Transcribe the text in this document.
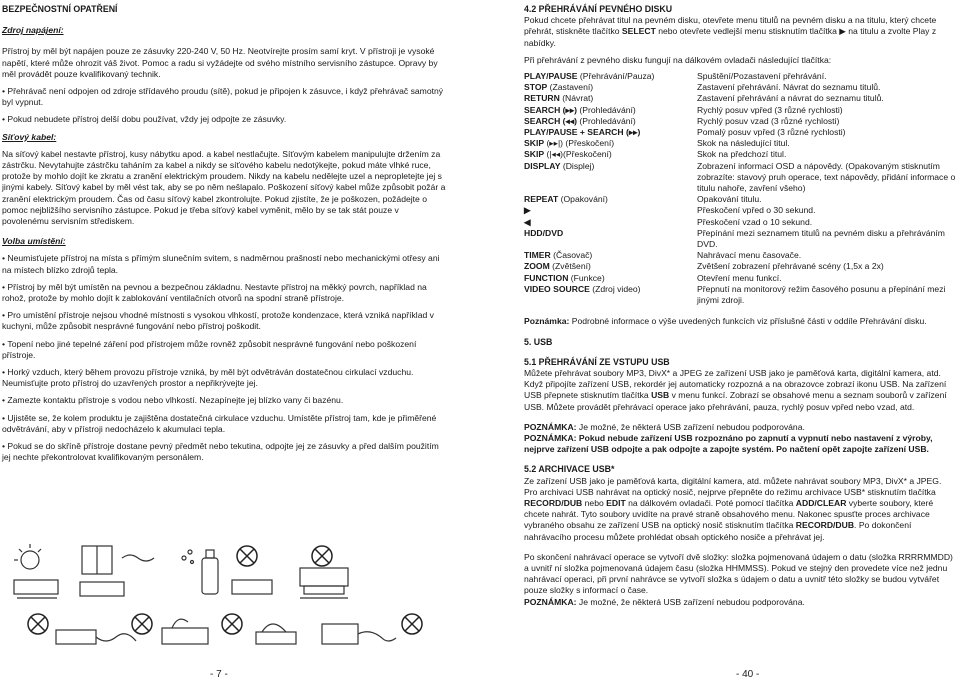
BEZPEČNOSTNÍ OPATŘENÍ

Zdroj napájení:

Přístroj by měl být napájen pouze ze zásuvky 220-240 V, 50 Hz. Neotvírejte prosím samí kryt. V přístroji je vysoké napětí, které může ohrozit váš život. Pomoc a radu si vyžádejte od svého místního servisního zástupce. Opravy by měl provádět pouze kvalifikovaný technik.

• Přehrávač není odpojen od zdroje střídavého proudu (sítě), pokud je připojen k zásuvce, i když přehrávač samotný byl vypnut.

• Pokud nebudete přístroj delší dobu používat, vždy jej odpojte ze zásuvky.

Síťový kabel:

Na síťový kabel nestavte přístroj, kusy nábytku apod. a kabel nestlačujte. Síťovým kabelem manipulujte držením za zástrčku. Nevytahujte zástrčku taháním za kabel a nikdy se síťového kabelu nedotýkejte, pokud máte vlhké ruce, protože by mohlo dojít ke zkratu a zranění elektrickým proudem. Nikdy na kabelu nedělejte uzel a nepropletejte jej s jinými kabely. Síťový kabel by měl vést tak, aby se po něm nešlapalo. Poškození síťový kabel může způsobit požár a zranění elektrickým proudem. Čas od času síťový kabel zkontrolujte. Pokud zjistíte, že je poškozen, požádejte o pomoc nejbližšího servisního zástupce. Pokud je třeba síťový kabel vyměnit, mělo by se tak stát pouze v povolenému servisním střediskem.

Volba umístění:

• Neumisťujete přístroj na místa s přímým slunečním svitem, s nadměrnou prašností nebo mechanickými otřesy ani na místech blízko zdrojů tepla.

• Přístroj by měl být umístěn na pevnou a bezpečnou základnu. Nestavte přístroj na měkký povrch, například na rohož, protože by mohlo dojít k zablokování ventilačních otvorů na spodní straně přístroje.

• Pro umístění přístroje nejsou vhodné místnosti s vysokou vlhkostí, protože kondenzace, která vzniká například v kuchyni, může způsobit nesprávné fungování nebo přístroj poškodit.

• Topení nebo jiné tepelné záření pod přístrojem může rovněž způsobit nesprávné fungování nebo poškození přístroje.

• Horký vzduch, který během provozu přístroje vzniká, by měl být odvětráván dostatečnou cirkulací vzduchu. Neumisťujte proto přístroj do uzavřených prostor a nepřikrývejte jej.

• Zamezte kontaktu přístroje s vodou nebo vlhkostí. Nezapínejte jej blízko vany či bazénu.

• Ujistěte se, že kolem produktu je zajištěna dostatečná cirkulace vzduchu. Umístěte přístroj tam, kde je přiměřené odvětrávání, aby v přístroji nedocházelo k akumulaci tepla.

• Pokud se do skříně přístroje dostane pevný předmět nebo tekutina, odpojte jej ze zásuvky a před dalším použitím jej nechte překontrolovat kvalifikovaným personálem.

- 7 -

4.2 PŘEHRÁVÁNÍ PEVNÉHO DISKU

Pokud chcete přehrávat titul na pevném disku, otevřete menu titulů na pevném disku a na titulu, který chcete přehrát, stiskněte tlačítko SELECT nebo otevřete vedlejší menu stisknutím tlačítka ▶ na titulu a zvolte Play z nabídky.

Při přehrávání z pevného disku fungují na dálkovém ovladači následující tlačítka:

PLAY/PAUSE (Přehrávání/Pauza)	Spuštění/Pozastavení přehrávání.
STOP (Zastavení)	Zastavení přehrávání. Návrat do seznamu titulů.
RETURN (Návrat)	Zastavení přehrávání a návrat do seznamu titulů.
SEARCH (▸▸) (Prohledávání)	Rychlý posuv vpřed (3 různé rychlosti)
SEARCH (◂◂) (Prohledávání)	Rychlý posuv vzad (3 různé rychlosti)
PLAY/PAUSE + SEARCH (▸▸)	Pomalý posuv vpřed (3 různé rychlosti)
SKIP (▸▸|) (Přeskočení)	Skok na následující titul.
SKIP (|◂◂)(Přeskočení)	Skok na předchozí titul.
DISPLAY (Displej)	Zobrazení informací OSD a nápovědy. (Opakovaným stisknutím zobrazíte: stavový pruh operace, text nápovědy, přidání informace o titulu nahoře, zavření všeho)
REPEAT (Opakování)	Opakování titulu.
▶	Přeskočení vpřed o 30 sekund.
◀	Přeskočení vzad o 10 sekund.
HDD/DVD	Přepínání mezi seznamem titulů na pevném disku a přehráváním DVD.
TIMER (Časovač)	Nahrávací menu časovače.
ZOOM (Zvětšení)	Zvětšení zobrazení přehrávané scény (1,5x a 2x)
FUNCTION (Funkce)	Otevření menu funkcí.
VIDEO SOURCE (Zdroj video)	Přepnutí na monitorový režim časového posunu a přepínání mezi jinými zdroji.

Poznámka: Podrobné informace o výše uvedených funkcích viz příslušné části v oddíle Přehrávání disku.

5. USB

5.1 PŘEHRÁVÁNÍ ZE VSTUPU USB

Můžete přehrávat soubory MP3, DivX* a JPEG ze zařízení USB jako je paměťová karta, digitální kamera, atd. Když připojíte zařízení USB, rekordér jej automaticky rozpozná a na obrazovce zobrazí ikonu USB. Na zařízení USB přepnete stisknutím tlačítka USB v menu funkcí. Zobrazí se obsahové menu a seznam souborů v zařízení USB. Můžete provádět přehrávací operace jako přehrávání, pauza, rychlý posuv vpřed nebo vzad, atd.

POZNÁMKA: Je možné, že některá USB zařízení nebudou podporována.

POZNÁMKA: Pokud nebude zařízení USB rozpoznáno po zapnutí a vypnutí nebo nastavení z výroby, nejprve zařízení USB odpojte a pak odpojte a zapojte systém. Po načtení opět zapojte zařízení USB.

5.2 ARCHIVACE USB*

Ze zařízení USB jako je paměťová karta, digitální kamera, atd. můžete nahrávat soubory MP3, DivX* a JPEG. Pro archivaci USB nahrávat na optický nosič, nejprve přepněte do režimu archivace USB* stisknutím tlačítka RECORD/DUB nebo EDIT na dálkovém ovladači. Poté pomocí tlačítka ADD/CLEAR vyberte soubory, které chcete nahrát. Tyto soubory uvidíte na pravé straně obsahového menu. Nakonec spusťte proces archivace vybraného obsahu ze zařízení USB na optický nosič stisknutím tlačítka RECORD/DUB. Po dokončení nahrávacího procesu můžete prohlédat obsah optického nosiče a přehrávat jej.

Po skončení nahrávací operace se vytvoří dvě složky: složka pojmenovaná údajem o datu (složka RRRRMMDD) a uvnitř ní složka pojmenovaná údajem času (složka HHMMSS). Pokud ve stejný den provedete více než jednu nahrávací operaci, při první nahrávce se vytvoří složka s údajem o datu a uvnitř této složky se budou vytvářet pouze složky s informací o čase.

POZNÁMKA: Je možné, že některá USB zařízení nebudou podporována.

- 40 -
